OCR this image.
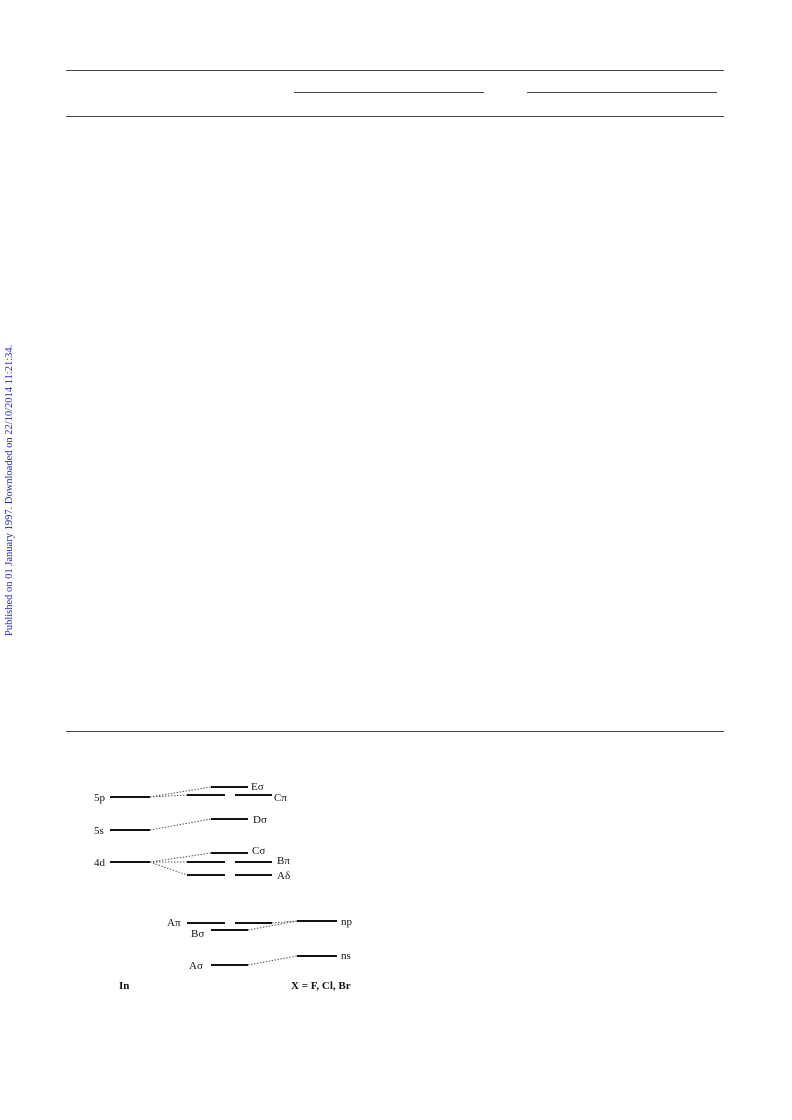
Published on 01 January 1997. Downloaded on 22/10/2014 11:21:34.
5p
5s
4d
Eσ
Cπ
Dσ
Cσ
Bπ
Aδ
Aπ
Bσ
Aσ
np
ns
In	X = F, Cl, Br
